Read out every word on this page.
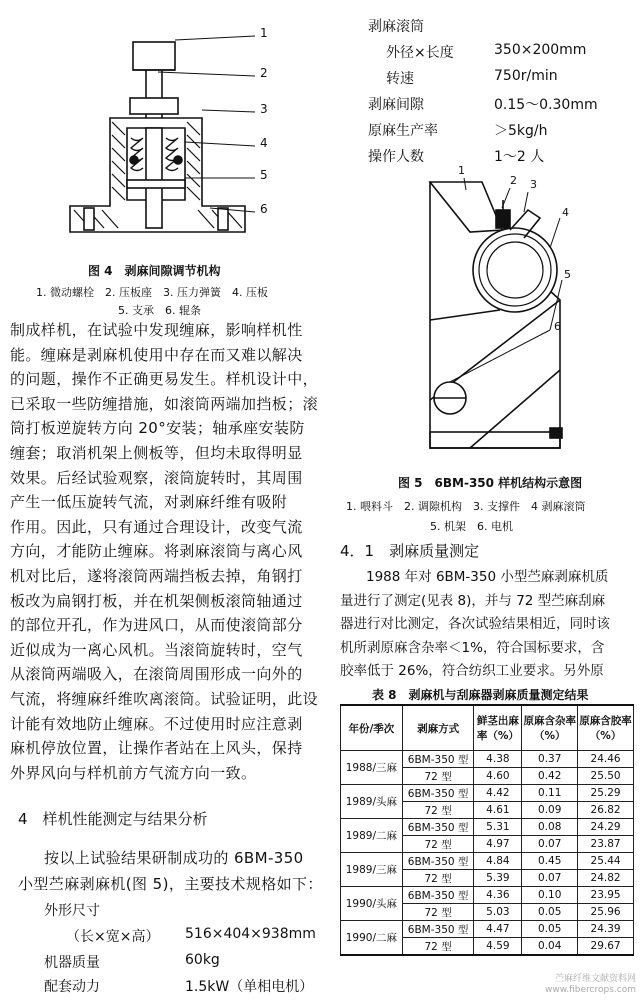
1
2
3
4
5
6
图 4　剥麻间隙调节机构
1. 微动螺栓　2. 压板座　3. 压力弹簧　4. 压板
5. 支承　6. 辊条

制成样机，在试验中发现缠麻，影响样机性

能。缠麻是剥麻机使用中存在而又难以解决

的问题，操作不正确更易发生。样机设计中，

已采取一些防缠措施，如滚筒两端加挡板；滚

筒打板逆旋转方向 20°安装；轴承座安装防

缠套；取消机架上侧板等，但均未取得明显

效果。后经试验观察，滚筒旋转时，其周围

产生一低压旋转气流，对剥麻纤维有吸附

作用。因此，只有通过合理设计，改变气流

方向，才能防止缠麻。将剥麻滚筒与离心风

机对比后，遂将滚筒两端挡板去掉，角钢打

板改为扁钢打板，并在机架侧板滚筒轴通过

的部位开孔，作为进风口，从而使滚筒部分

近似成为一离心风机。当滚筒旋转时，空气

从滚筒两端吸入，在滚筒周围形成一向外的

气流，将缠麻纤维吹离滚筒。试验证明，此设

计能有效地防止缠麻。不过使用时应注意剥

麻机停放位置，让操作者站在上风头，保持

外界风向与样机前方气流方向一致。

4　样机性能测定与结果分析
按以上试验结果研制成功的 6BM-350
小型苎麻剥麻机(图 5)，主要技术规格如下：
外形尺寸
（长×宽×高） 516×404×938mm
机器质量	60kg
配套动力	1.5kW（单相电机）
剥麻滚筒
外径×长度	350×200mm
转速	750r/min
剥麻间隙	0.15～0.30mm
原麻生产率	＞5kg/h
操作人数	1～2 人
1
2 3
4
5
6
图 5　6BM-350 样机结构示意图
1. 喂料斗　2. 调隙机构　3. 支撑件　4 剥麻滚筒
5. 机架　6. 电机
4．1　剥麻质量测定
1988 年对 6BM-350 小型苎麻剥麻机质
量进行了测定(见表 8)，并与 72 型苎麻刮麻
器进行对比测定，各次试验结果相近，同时该
机所剥原麻含杂率＜1%，符合国标要求，含
胶率低于 26%，符合纺织工业要求。另外原
表 8　剥麻机与刮麻器剥麻质量测定结果
年份/季次	剥麻方式	鲜茎出麻率（%）	原麻含杂率（%）	原麻含胶率（%）
1988/三麻	6BM-350 型	4.38	0.37	24.46
	72 型	4.60	0.42	25.50
1989/头麻	6BM-350 型	4.42	0.11	25.29
	72 型	4.61	0.09	26.82
1989/二麻	6BM-350 型	5.31	0.08	24.29
	72 型	4.97	0.07	23.87
1989/三麻	6BM-350 型	4.84	0.45	25.44
	72 型	5.39	0.07	24.82
1990/头麻	6BM-350 型	4.36	0.10	23.95
	72 型	5.03	0.05	25.96
1990/二麻	6BM-350 型	4.47	0.05	24.39
	72 型	4.59	0.04	29.67
苎麻纤维文献资料网
www.fibercrops.com
